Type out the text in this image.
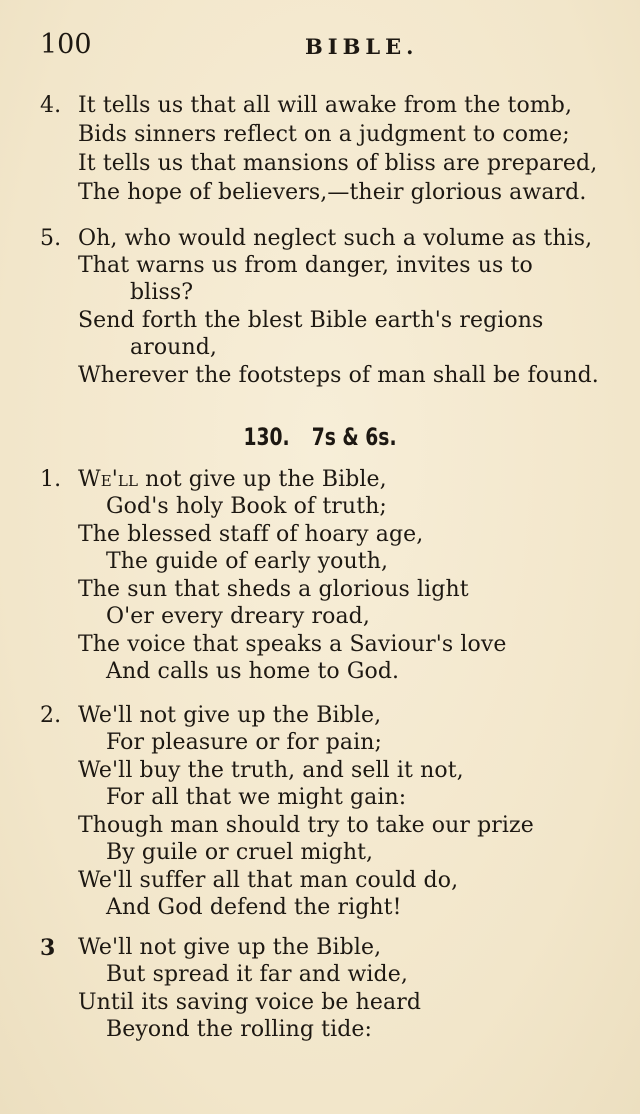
100	BIBLE.
4. It tells us that all will awake from the tomb,
Bids sinners reflect on a judgment to come;
It tells us that mansions of bliss are prepared,
The hope of believers,—their glorious award.
5. Oh, who would neglect such a volume as this,
That warns us from danger, invites us to
bliss?
Send forth the blest Bible earth's regions
around,
Wherever the footsteps of man shall be found.
130. 7s & 6s.
1. We'll not give up the Bible,
God's holy Book of truth;
The blessed staff of hoary age,
The guide of early youth,
The sun that sheds a glorious light
O'er every dreary road,
The voice that speaks a Saviour's love
And calls us home to God.
2. We'll not give up the Bible,
For pleasure or for pain;
We'll buy the truth, and sell it not,
For all that we might gain:
Though man should try to take our prize
By guile or cruel might,
We'll suffer all that man could do,
And God defend the right!
3 We'll not give up the Bible,
But spread it far and wide,
Until its saving voice be heard
Beyond the rolling tide:
